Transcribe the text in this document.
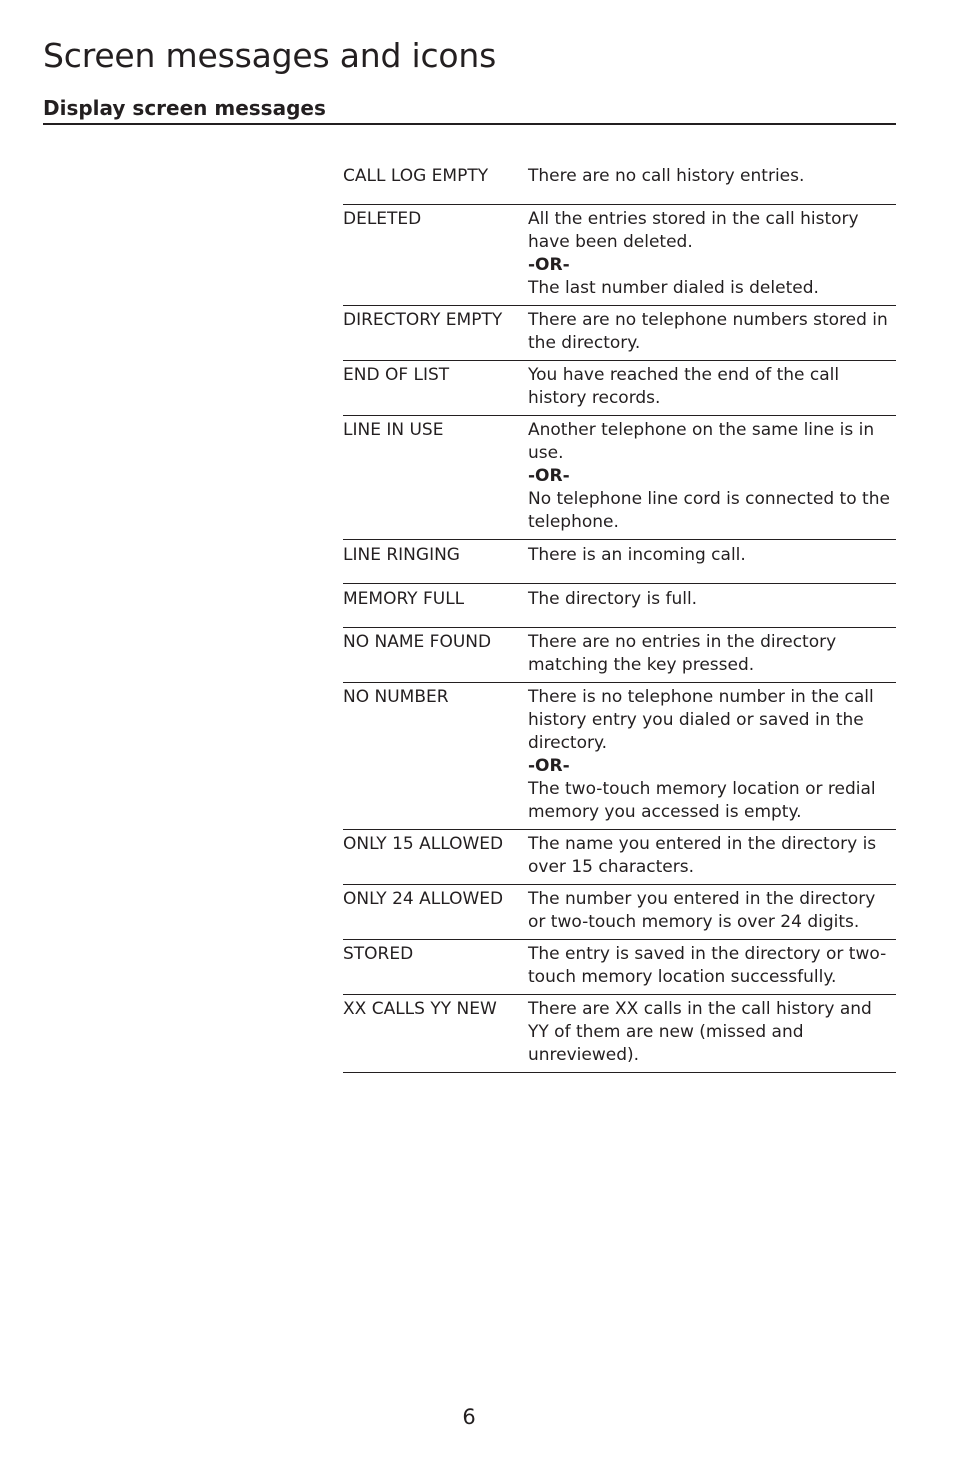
Screen messages and icons
Display screen messages
CALL LOG EMPTY	There are no call history entries.

DELETED	All the entries stored in the call history have been deleted.
-OR-
The last number dialed is deleted.

DIRECTORY EMPTY	There are no telephone numbers stored in the directory.

END OF LIST	You have reached the end of the call history records.

LINE IN USE	Another telephone on the same line is in use.
-OR-
No telephone line cord is connected to the telephone.

LINE RINGING	There is an incoming call.

MEMORY FULL	The directory is full.

NO NAME FOUND	There are no entries in the directory matching the key pressed.

NO NUMBER	There is no telephone number in the call history entry you dialed or saved in the directory.
-OR-
The two-touch memory location or redial memory you accessed is empty.

ONLY 15 ALLOWED	The name you entered in the directory is over 15 characters.

ONLY 24 ALLOWED	The number you entered in the directory or two-touch memory is over 24 digits.

STORED	The entry is saved in the directory or two-touch memory location successfully.

XX CALLS YY NEW	There are XX calls in the call history and YY of them are new (missed and unreviewed).
6
